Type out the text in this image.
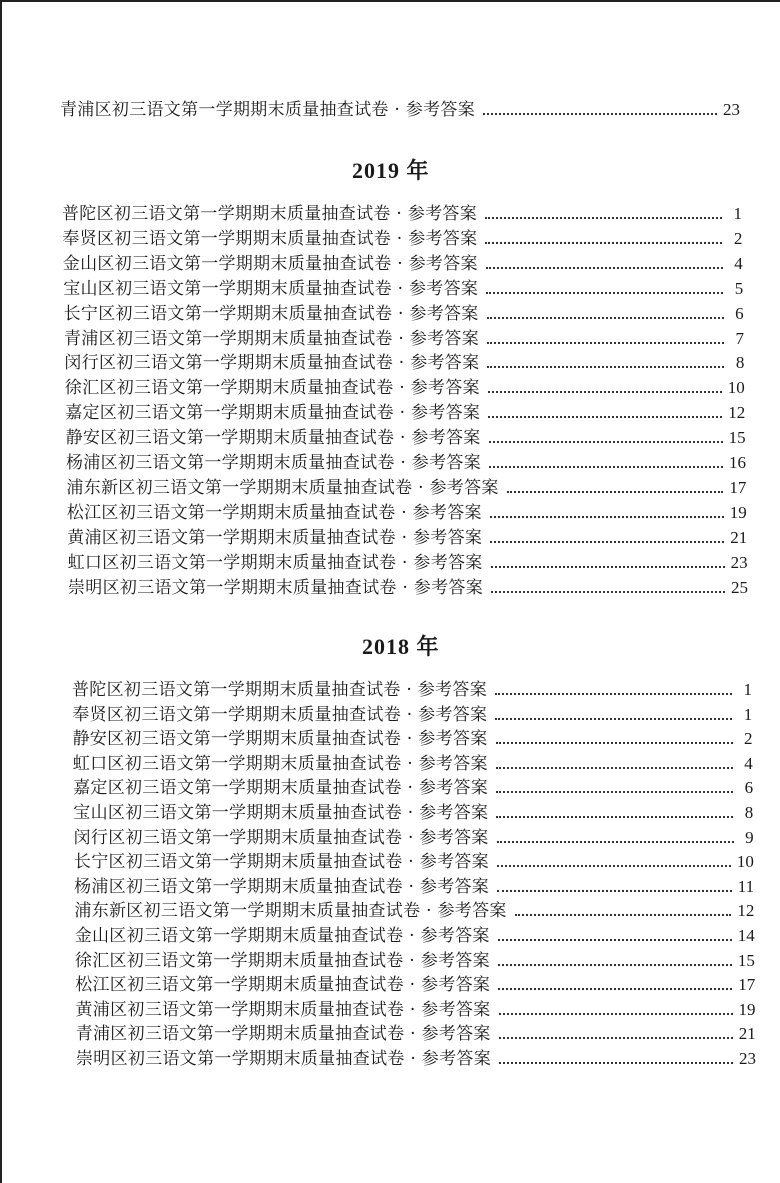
青浦区初三语文第一学期期末质量抽查试卷 · 参考答案	23
2019 年
普陀区初三语文第一学期期末质量抽查试卷 · 参考答案	1
奉贤区初三语文第一学期期末质量抽查试卷 · 参考答案	2
金山区初三语文第一学期期末质量抽查试卷 · 参考答案	4
宝山区初三语文第一学期期末质量抽查试卷 · 参考答案	5
长宁区初三语文第一学期期末质量抽查试卷 · 参考答案	6
青浦区初三语文第一学期期末质量抽查试卷 · 参考答案	7
闵行区初三语文第一学期期末质量抽查试卷 · 参考答案	8
徐汇区初三语文第一学期期末质量抽查试卷 · 参考答案	10
嘉定区初三语文第一学期期末质量抽查试卷 · 参考答案	12
静安区初三语文第一学期期末质量抽查试卷 · 参考答案	15
杨浦区初三语文第一学期期末质量抽查试卷 · 参考答案	16
浦东新区初三语文第一学期期末质量抽查试卷 · 参考答案	17
松江区初三语文第一学期期末质量抽查试卷 · 参考答案	19
黄浦区初三语文第一学期期末质量抽查试卷 · 参考答案	21
虹口区初三语文第一学期期末质量抽查试卷 · 参考答案	23
崇明区初三语文第一学期期末质量抽查试卷 · 参考答案	25
2018 年
普陀区初三语文第一学期期末质量抽查试卷 · 参考答案	1
奉贤区初三语文第一学期期末质量抽查试卷 · 参考答案	1
静安区初三语文第一学期期末质量抽查试卷 · 参考答案	2
虹口区初三语文第一学期期末质量抽查试卷 · 参考答案	4
嘉定区初三语文第一学期期末质量抽查试卷 · 参考答案	6
宝山区初三语文第一学期期末质量抽查试卷 · 参考答案	8
闵行区初三语文第一学期期末质量抽查试卷 · 参考答案	9
长宁区初三语文第一学期期末质量抽查试卷 · 参考答案	10
杨浦区初三语文第一学期期末质量抽查试卷 · 参考答案	11
浦东新区初三语文第一学期期末质量抽查试卷 · 参考答案	12
金山区初三语文第一学期期末质量抽查试卷 · 参考答案	14
徐汇区初三语文第一学期期末质量抽查试卷 · 参考答案	15
松江区初三语文第一学期期末质量抽查试卷 · 参考答案	17
黄浦区初三语文第一学期期末质量抽查试卷 · 参考答案	19
青浦区初三语文第一学期期末质量抽查试卷 · 参考答案	21
崇明区初三语文第一学期期末质量抽查试卷 · 参考答案	23
